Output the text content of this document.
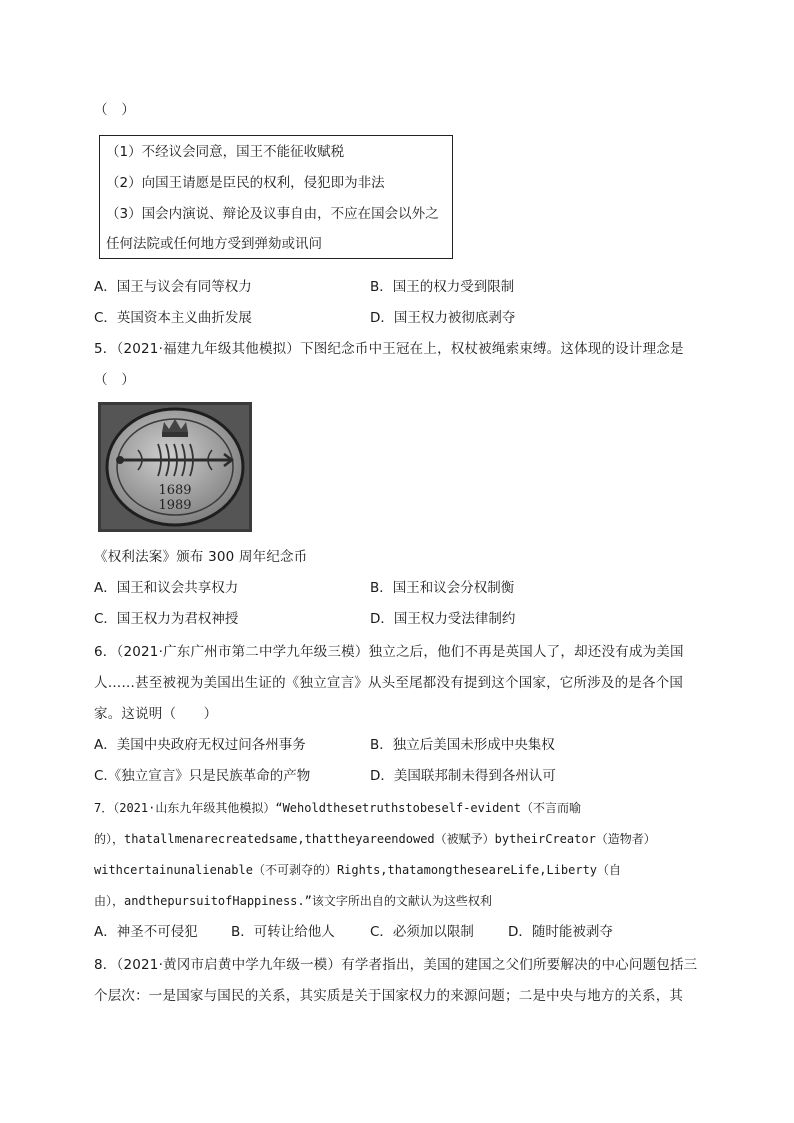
（　）
（1）不经议会同意，国王不能征收赋税
（2）向国王请愿是臣民的权利，侵犯即为非法
（3）国会内演说、辩论及议事自由，不应在国会以外之
任何法院或任何地方受到弹劾或讯问
A．国王与议会有同等权力	B．国王的权力受到限制
C．英国资本主义曲折发展	D．国王权力被彻底剥夺
5．（2021·福建九年级其他模拟）下图纪念币中王冠在上，权杖被绳索束缚。这体现的设计理念是
（　）
1689
1989
《权利法案》颁布 300 周年纪念币
A．国王和议会共享权力	B．国王和议会分权制衡
C．国王权力为君权神授	D．国王权力受法律制约
6．（2021·广东广州市第二中学九年级三模）独立之后，他们不再是英国人了，却还没有成为美国
人……甚至被视为美国出生证的《独立宣言》从头至尾都没有提到这个国家，它所涉及的是各个国
家。这说明（　　）
A．美国中央政府无权过问各州事务	B．独立后美国未形成中央集权
C.《独立宣言》只是民族革命的产物	D．美国联邦制未得到各州认可
7．（2021·山东九年级其他模拟）“Weholdthesetruthstobeself-evident（不言而喻
的），thatallmenarecreatedsame,thattheyareendowed（被赋予）bytheirCreator（造物者）
withcertainunalienable（不可剥夺的）Rights,thatamongtheseareLife,Liberty（自
由），andthepursuitofHappiness.”该文字所出自的文献认为这些权利
A．神圣不可侵犯 B．可转让给他人	C．必须加以限制	D．随时能被剥夺
8．（2021·黄冈市启黄中学九年级一模）有学者指出，美国的建国之父们所要解决的中心问题包括三
个层次：一是国家与国民的关系，其实质是关于国家权力的来源问题；二是中央与地方的关系，其
